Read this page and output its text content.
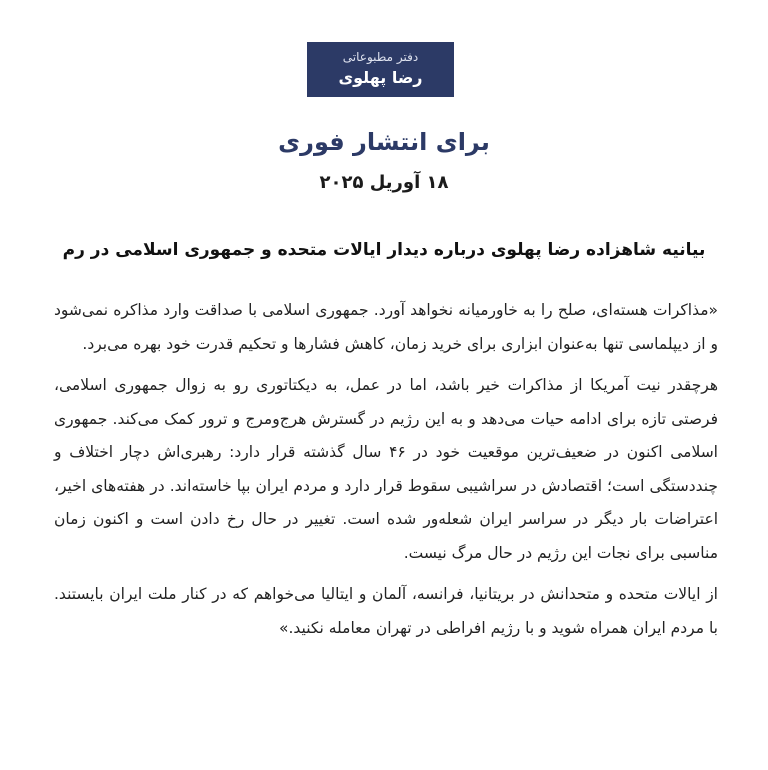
دفتر مطبوعاتی
رضا پهلوی
برای انتشار فوری
۱۸ آوریل ۲۰۲۵
بیانیه شاهزاده رضا پهلوی درباره دیدار ایالات متحده و جمهوری اسلامی در رم

«مذاکرات هسته‌ای، صلح را به خاورمیانه نخواهد آورد. جمهوری اسلامی با صداقت وارد مذاکره نمی‌شود و از دیپلماسی تنها به‌عنوان ابزاری برای خرید زمان، کاهش فشارها و تحکیم قدرت خود بهره می‌برد.

هرچقدر نیت آمریکا از مذاکرات خیر باشد، اما در عمل، به دیکتاتوری رو به زوال جمهوری اسلامی، فرصتی تازه برای ادامه حیات می‌دهد و به این رژیم در گسترش هرج‌ومرج و ترور کمک می‌کند. جمهوری اسلامی اکنون در ضعیف‌ترین موقعیت خود در ۴۶ سال گذشته قرار دارد: رهبری‌اش دچار اختلاف و چنددستگی است؛ اقتصادش در سراشیبی سقوط قرار دارد و مردم ایران بپا خاسته‌اند. در هفته‌های اخیر، اعتراضات بار دیگر در سراسر ایران شعله‌ور شده است. تغییر در حال رخ دادن است و اکنون زمان مناسبی برای نجات این رژیم در حال مرگ نیست.

از ایالات متحده و متحدانش در بریتانیا، فرانسه، آلمان و ایتالیا می‌خواهم که در کنار ملت ایران بایستند. با مردم ایران همراه شوید و با رژیم افراطی در تهران معامله نکنید.»
